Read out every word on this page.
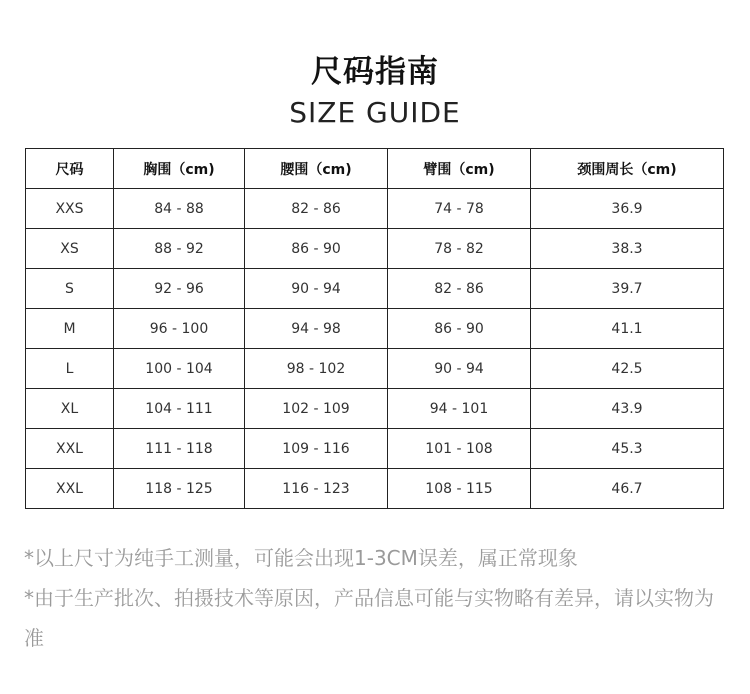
尺码指南
SIZE GUIDE
尺码	胸围（cm)	腰围（cm)	臂围（cm)	颈围周长（cm)
XXS	84 - 88	82 - 86	74 - 78	36.9
XS	88 - 92	86 - 90	78 - 82	38.3
S	92 - 96	90 - 94	82 - 86	39.7
M	96 - 100	94 - 98	86 - 90	41.1
L	100 - 104	98 - 102	90 - 94	42.5
XL	104 - 111	102 - 109	94 - 101	43.9
XXL	111 - 118	109 - 116	101 - 108	45.3
XXL	118 - 125	116 - 123	108 - 115	46.7

*以上尺寸为纯手工测量，可能会出现1-3CM误差，属正常现象

*由于生产批次、拍摄技术等原因，产品信息可能与实物略有差异，请以实物为准
